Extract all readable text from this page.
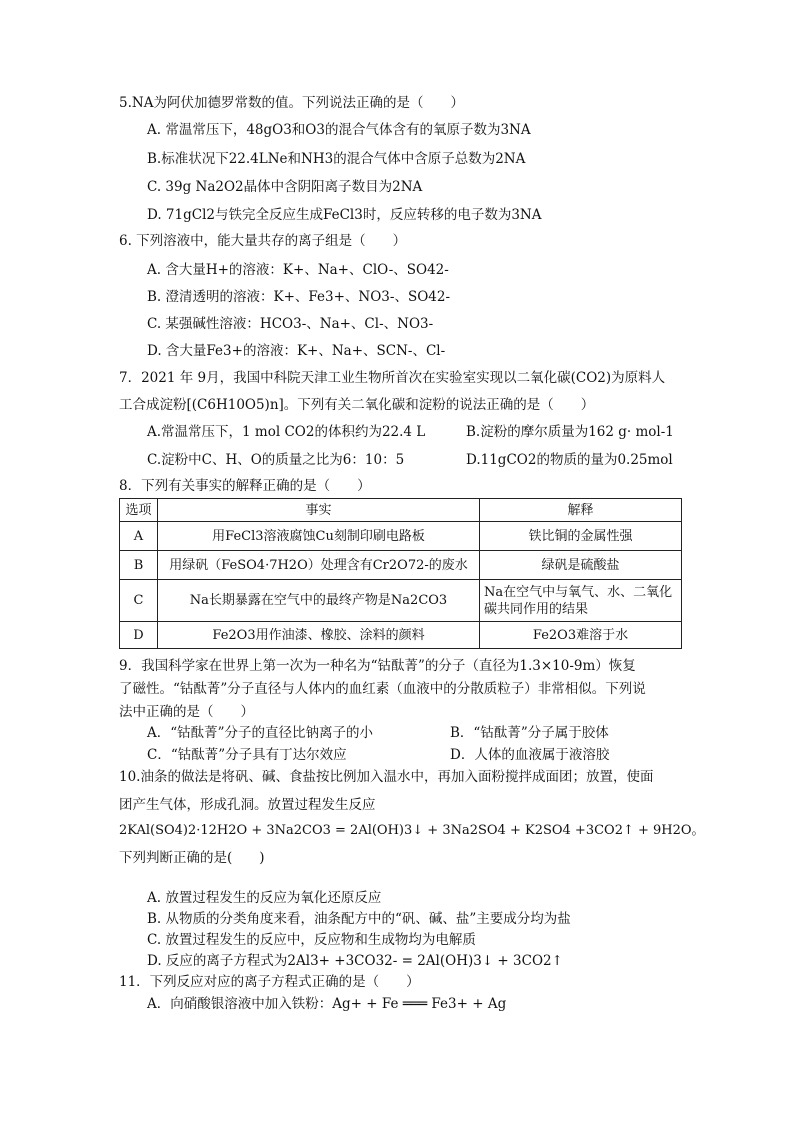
5.NA为阿伏加德罗常数的值。下列说法正确的是（　　）
A. 常温常压下，48gO3和O3的混合气体含有的氧原子数为3NA
B.标准状况下22.4LNe和NH3的混合气体中含原子总数为2NA
C. 39g Na2O2晶体中含阴阳离子数目为2NA
D. 71gCl2与铁完全反应生成FeCl3时，反应转移的电子数为3NA
6. 下列溶液中，能大量共存的离子组是（　　）
A. 含大量H+的溶液：K+、Na+、ClO-、SO42-
B. 澄清透明的溶液：K+、Fe3+、NO3-、SO42-
C. 某强碱性溶液：HCO3-、Na+、Cl-、NO3-
D. 含大量Fe3+的溶液：K+、Na+、SCN-、Cl-
7．2021 年 9月，我国中科院天津工业生物所首次在实验室实现以二氧化碳(CO2)为原料人
工合成淀粉[(C6H10O5)n]。下列有关二氧化碳和淀粉的说法正确的是（　　）
A.常温常压下，1 mol CO2的体积约为22.4 L	B.淀粉的摩尔质量为162 g· mol-1
C.淀粉中C、H、O的质量之比为6：10：5	D.11gCO2的物质的量为0.25mol
8．下列有关事实的解释正确的是（　　）
选项	事实	解释
A	用FeCl3溶液腐蚀Cu刻制印刷电路板	铁比铜的金属性强
B	用绿矾（FeSO4·7H2O）处理含有Cr2O72-的废水	绿矾是硫酸盐
C	Na长期暴露在空气中的最终产物是Na2CO3	Na在空气中与氧气、水、二氧化碳共同作用的结果
D	Fe2O3用作油漆、橡胶、涂料的颜料	Fe2O3难溶于水
9．我国科学家在世界上第一次为一种名为“钴酞菁”的分子（直径为1.3×10-9m）恢复
了磁性。“钴酞菁”分子直径与人体内的血红素（血液中的分散质粒子）非常相似。下列说
法中正确的是（　　）
A．“钴酞菁”分子的直径比钠离子的小	B．“钴酞菁”分子属于胶体
C．“钴酞菁”分子具有丁达尔效应	D．人体的血液属于液溶胶
10.油条的做法是将矾、碱、食盐按比例加入温水中，再加入面粉搅拌成面团；放置，使面
团产生气体，形成孔洞。放置过程发生反应
2KAl(SO4)2·12H2O + 3Na2CO3 = 2Al(OH)3↓ + 3Na2SO4 + K2SO4 +3CO2↑ + 9H2O。
下列判断正确的是(　　)
A. 放置过程发生的反应为氧化还原反应
B. 从物质的分类角度来看，油条配方中的“矾、碱、盐”主要成分均为盐
C. 放置过程发生的反应中，反应物和生成物均为电解质
D. 反应的离子方程式为2Al3+ +3CO32- = 2Al(OH)3↓ + 3CO2↑
11．下列反应对应的离子方程式正确的是（　　）
A．向硝酸银溶液中加入铁粉：Ag+ + Fe ═══ Fe3+ + Ag
